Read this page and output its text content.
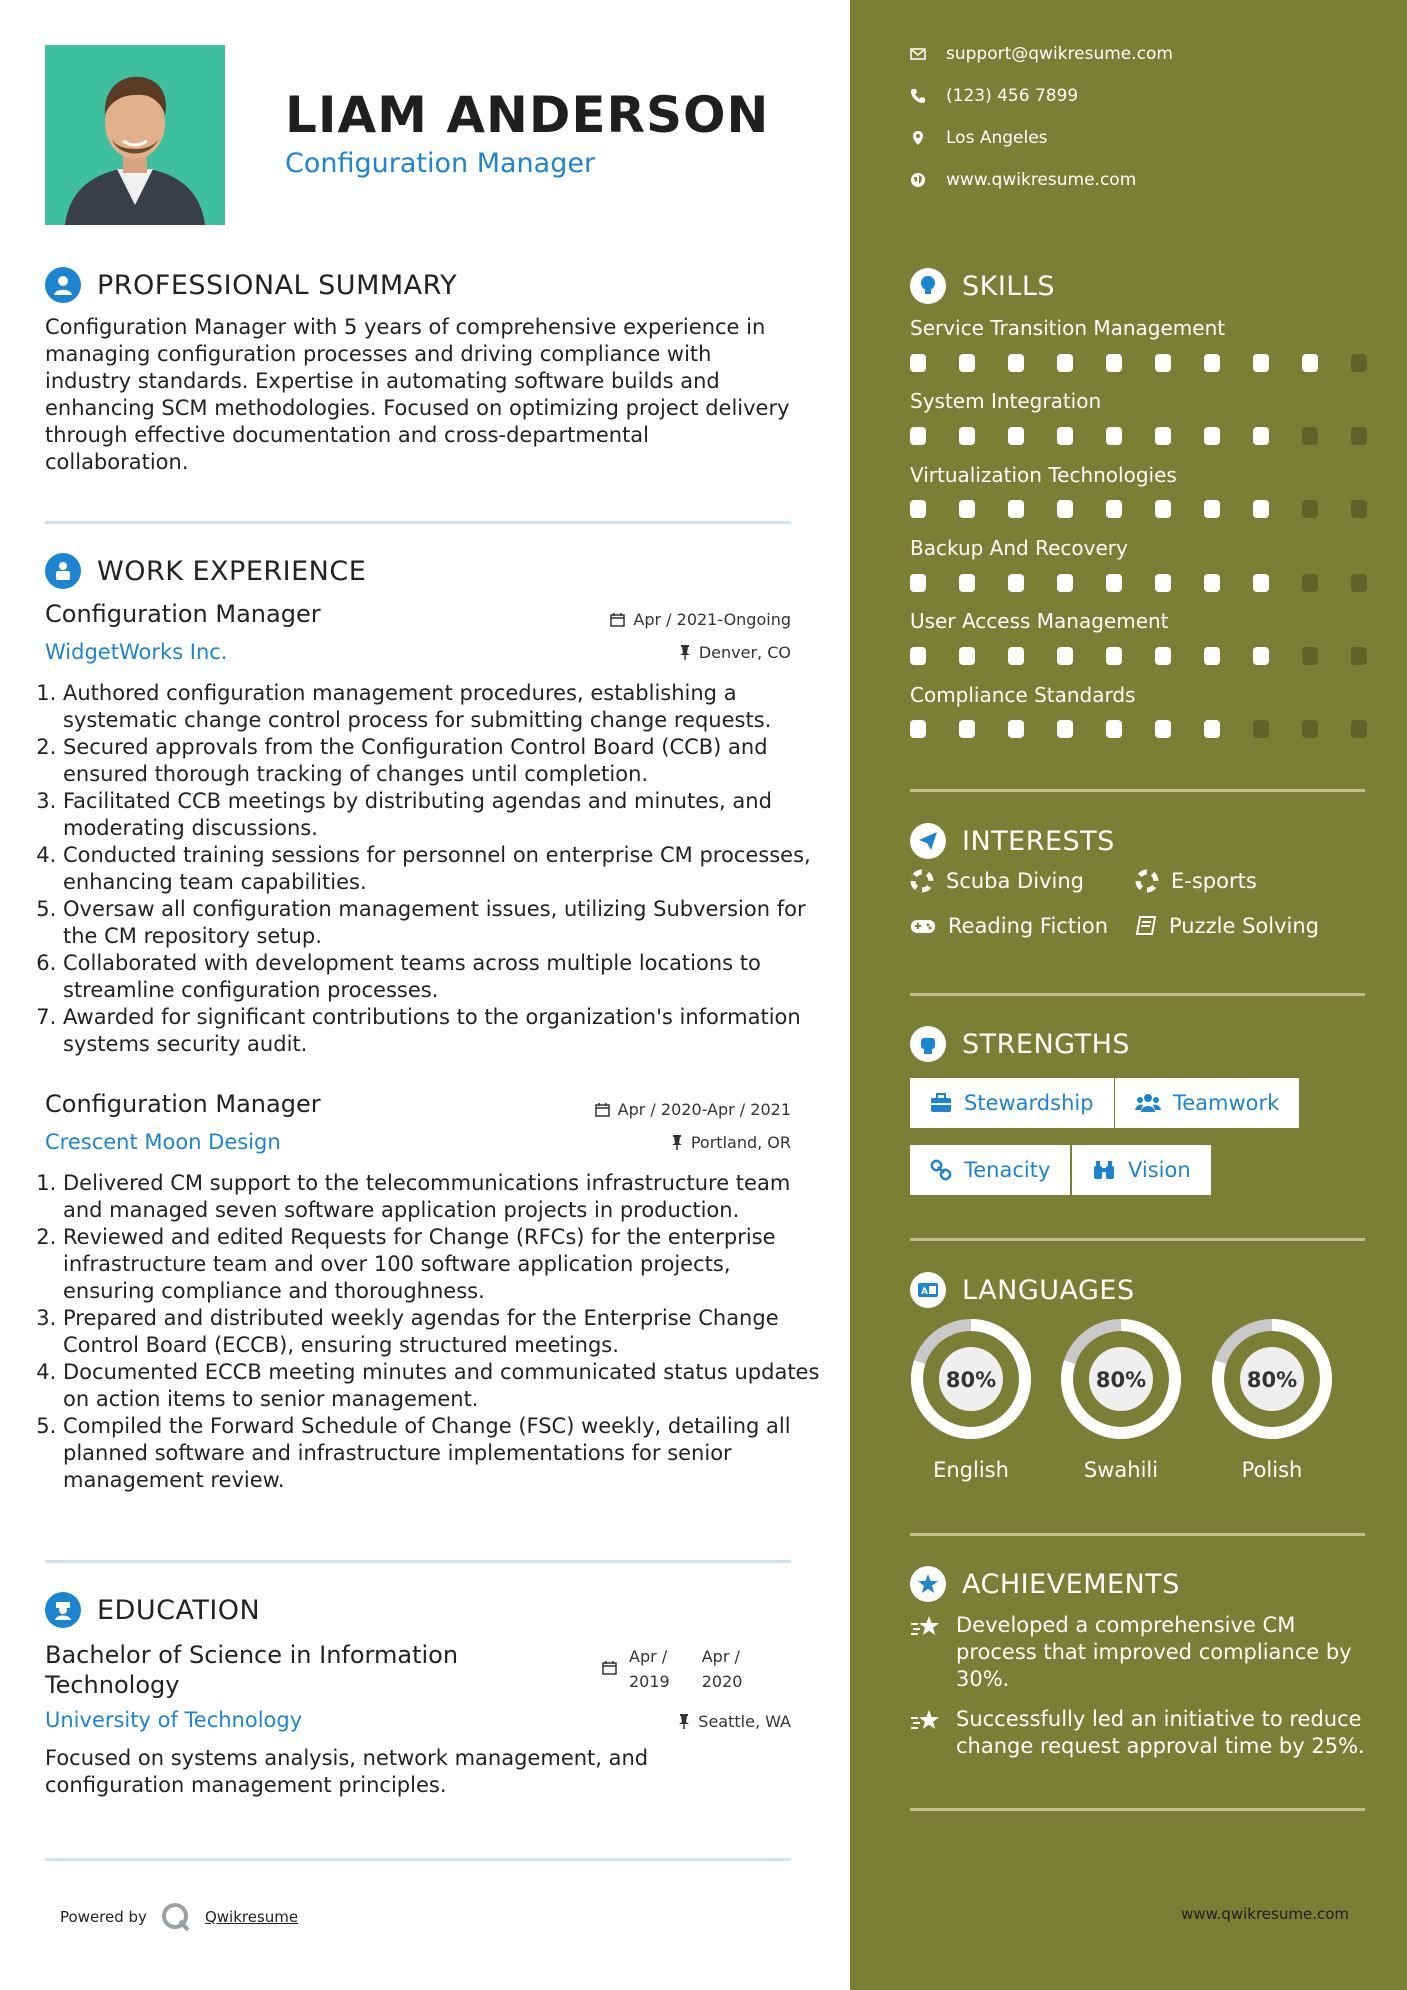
LIAM ANDERSON
Configuration Manager
PROFESSIONAL SUMMARY

Configuration Manager with 5 years of comprehensive experience in managing configuration processes and driving compliance with industry standards. Expertise in automating software builds and enhancing SCM methodologies. Focused on optimizing project delivery through effective documentation and cross-departmental collaboration.

WORK EXPERIENCE
Configuration Manager	Apr / 2021-Ongoing
WidgetWorks Inc.	Denver, CO
1. Authored configuration management procedures, establishing a systematic change control process for submitting change requests.
2. Secured approvals from the Configuration Control Board (CCB) and ensured thorough tracking of changes until completion.
3. Facilitated CCB meetings by distributing agendas and minutes, and moderating discussions.
4. Conducted training sessions for personnel on enterprise CM processes, enhancing team capabilities.
5. Oversaw all configuration management issues, utilizing Subversion for the CM repository setup.
6. Collaborated with development teams across multiple locations to streamline configuration processes.
7. Awarded for significant contributions to the organization's information systems security audit.
Configuration Manager	Apr / 2020-Apr / 2021
Crescent Moon Design	Portland, OR
1. Delivered CM support to the telecommunications infrastructure team and managed seven software application projects in production.
2. Reviewed and edited Requests for Change (RFCs) for the enterprise infrastructure team and over 100 software application projects, ensuring compliance and thoroughness.
3. Prepared and distributed weekly agendas for the Enterprise Change Control Board (ECCB), ensuring structured meetings.
4. Documented ECCB meeting minutes and communicated status updates on action items to senior management.
5. Compiled the Forward Schedule of Change (FSC) weekly, detailing all planned software and infrastructure implementations for senior management review.
EDUCATION
Bachelor of Science in Information
Technology
Apr /
2019
Apr /
2020
University of Technology	Seattle, WA

Focused on systems analysis, network management, and configuration management principles.

Powered by	Qwikresume
support@qwikresume.com
(123) 456 7899
Los Angeles
www.qwikresume.com
SKILLS
Service Transition Management
System Integration
Virtualization Technologies
Backup And Recovery
User Access Management
Compliance Standards
INTERESTS
Scuba Diving	E-sports
Reading Fiction	Puzzle Solving
STRENGTHS
Stewardship	Teamwork
Tenacity	Vision
A LANGUAGES
80%
English
80%
Swahili
80%
Polish
ACHIEVEMENTS
Developed a comprehensive CM process that improved compliance by 30%.
Successfully led an initiative to reduce change request approval time by 25%.
www.qwikresume.com
